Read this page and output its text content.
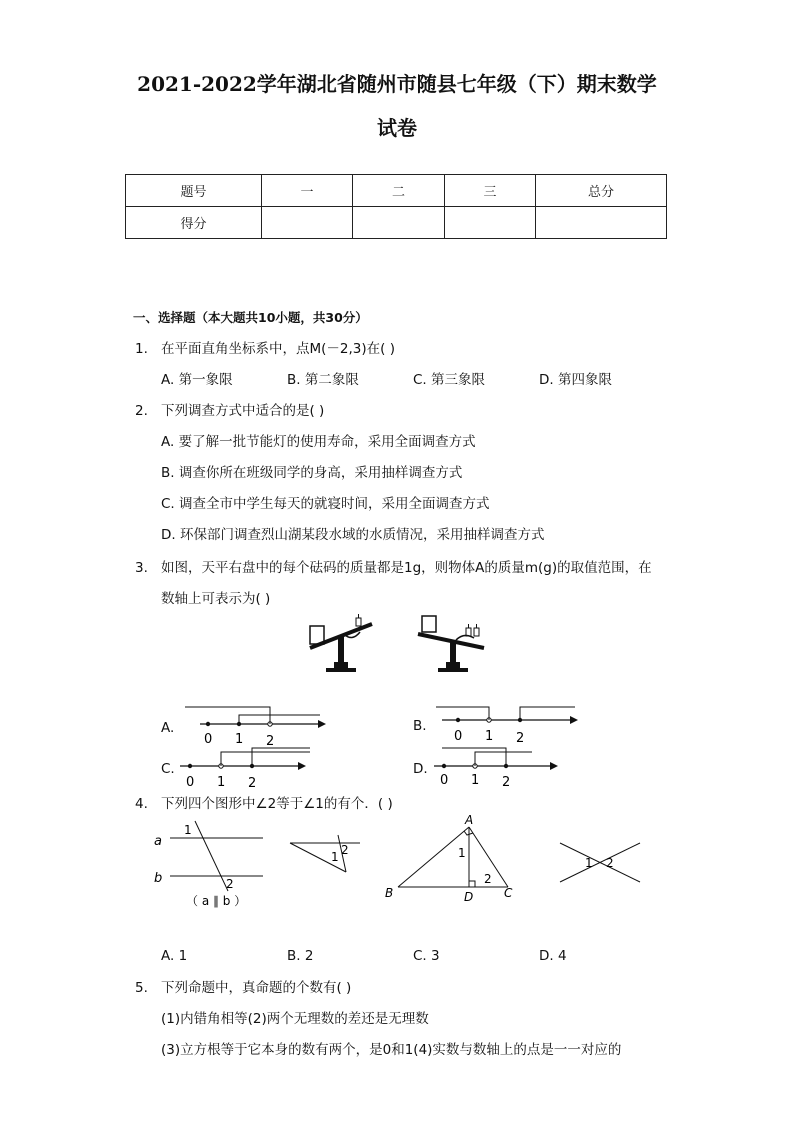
2021-2022学年湖北省随州市随县七年级（下）期末数学
试卷
题号	一	二	三	总分
得分				
一、选择题（本大题共10小题，共30分）
1. 在平面直角坐标系中，点M(－2,3)在( )
A. 第一象限	B. 第二象限	C. 第三象限	D. 第四象限
2. 下列调查方式中适合的是( )
A. 要了解一批节能灯的使用寿命，采用全面调查方式
B. 调查你所在班级同学的身高，采用抽样调查方式
C. 调查全市中学生每天的就寝时间，采用全面调查方式
D. 环保部门调查烈山湖某段水域的水质情况，采用抽样调查方式
3. 如图，天平右盘中的每个砝码的质量都是1g，则物体A的质量m(g)的取值范围，在
数轴上可表示为( )
A.
0 1 2
B.
0 1 2
C.
0 1 2
D.
0 1 2
4. 下列四个图形中∠2等于∠1的有个．( )
a
b
1
2
（ a ∥ b ）
1 2
A
B	D	C
1
2
1 2
A. 1	B. 2	C. 3	D. 4
5. 下列命题中，真命题的个数有( )
(1)内错角相等(2)两个无理数的差还是无理数
(3)立方根等于它本身的数有两个，是0和1(4)实数与数轴上的点是一一对应的
